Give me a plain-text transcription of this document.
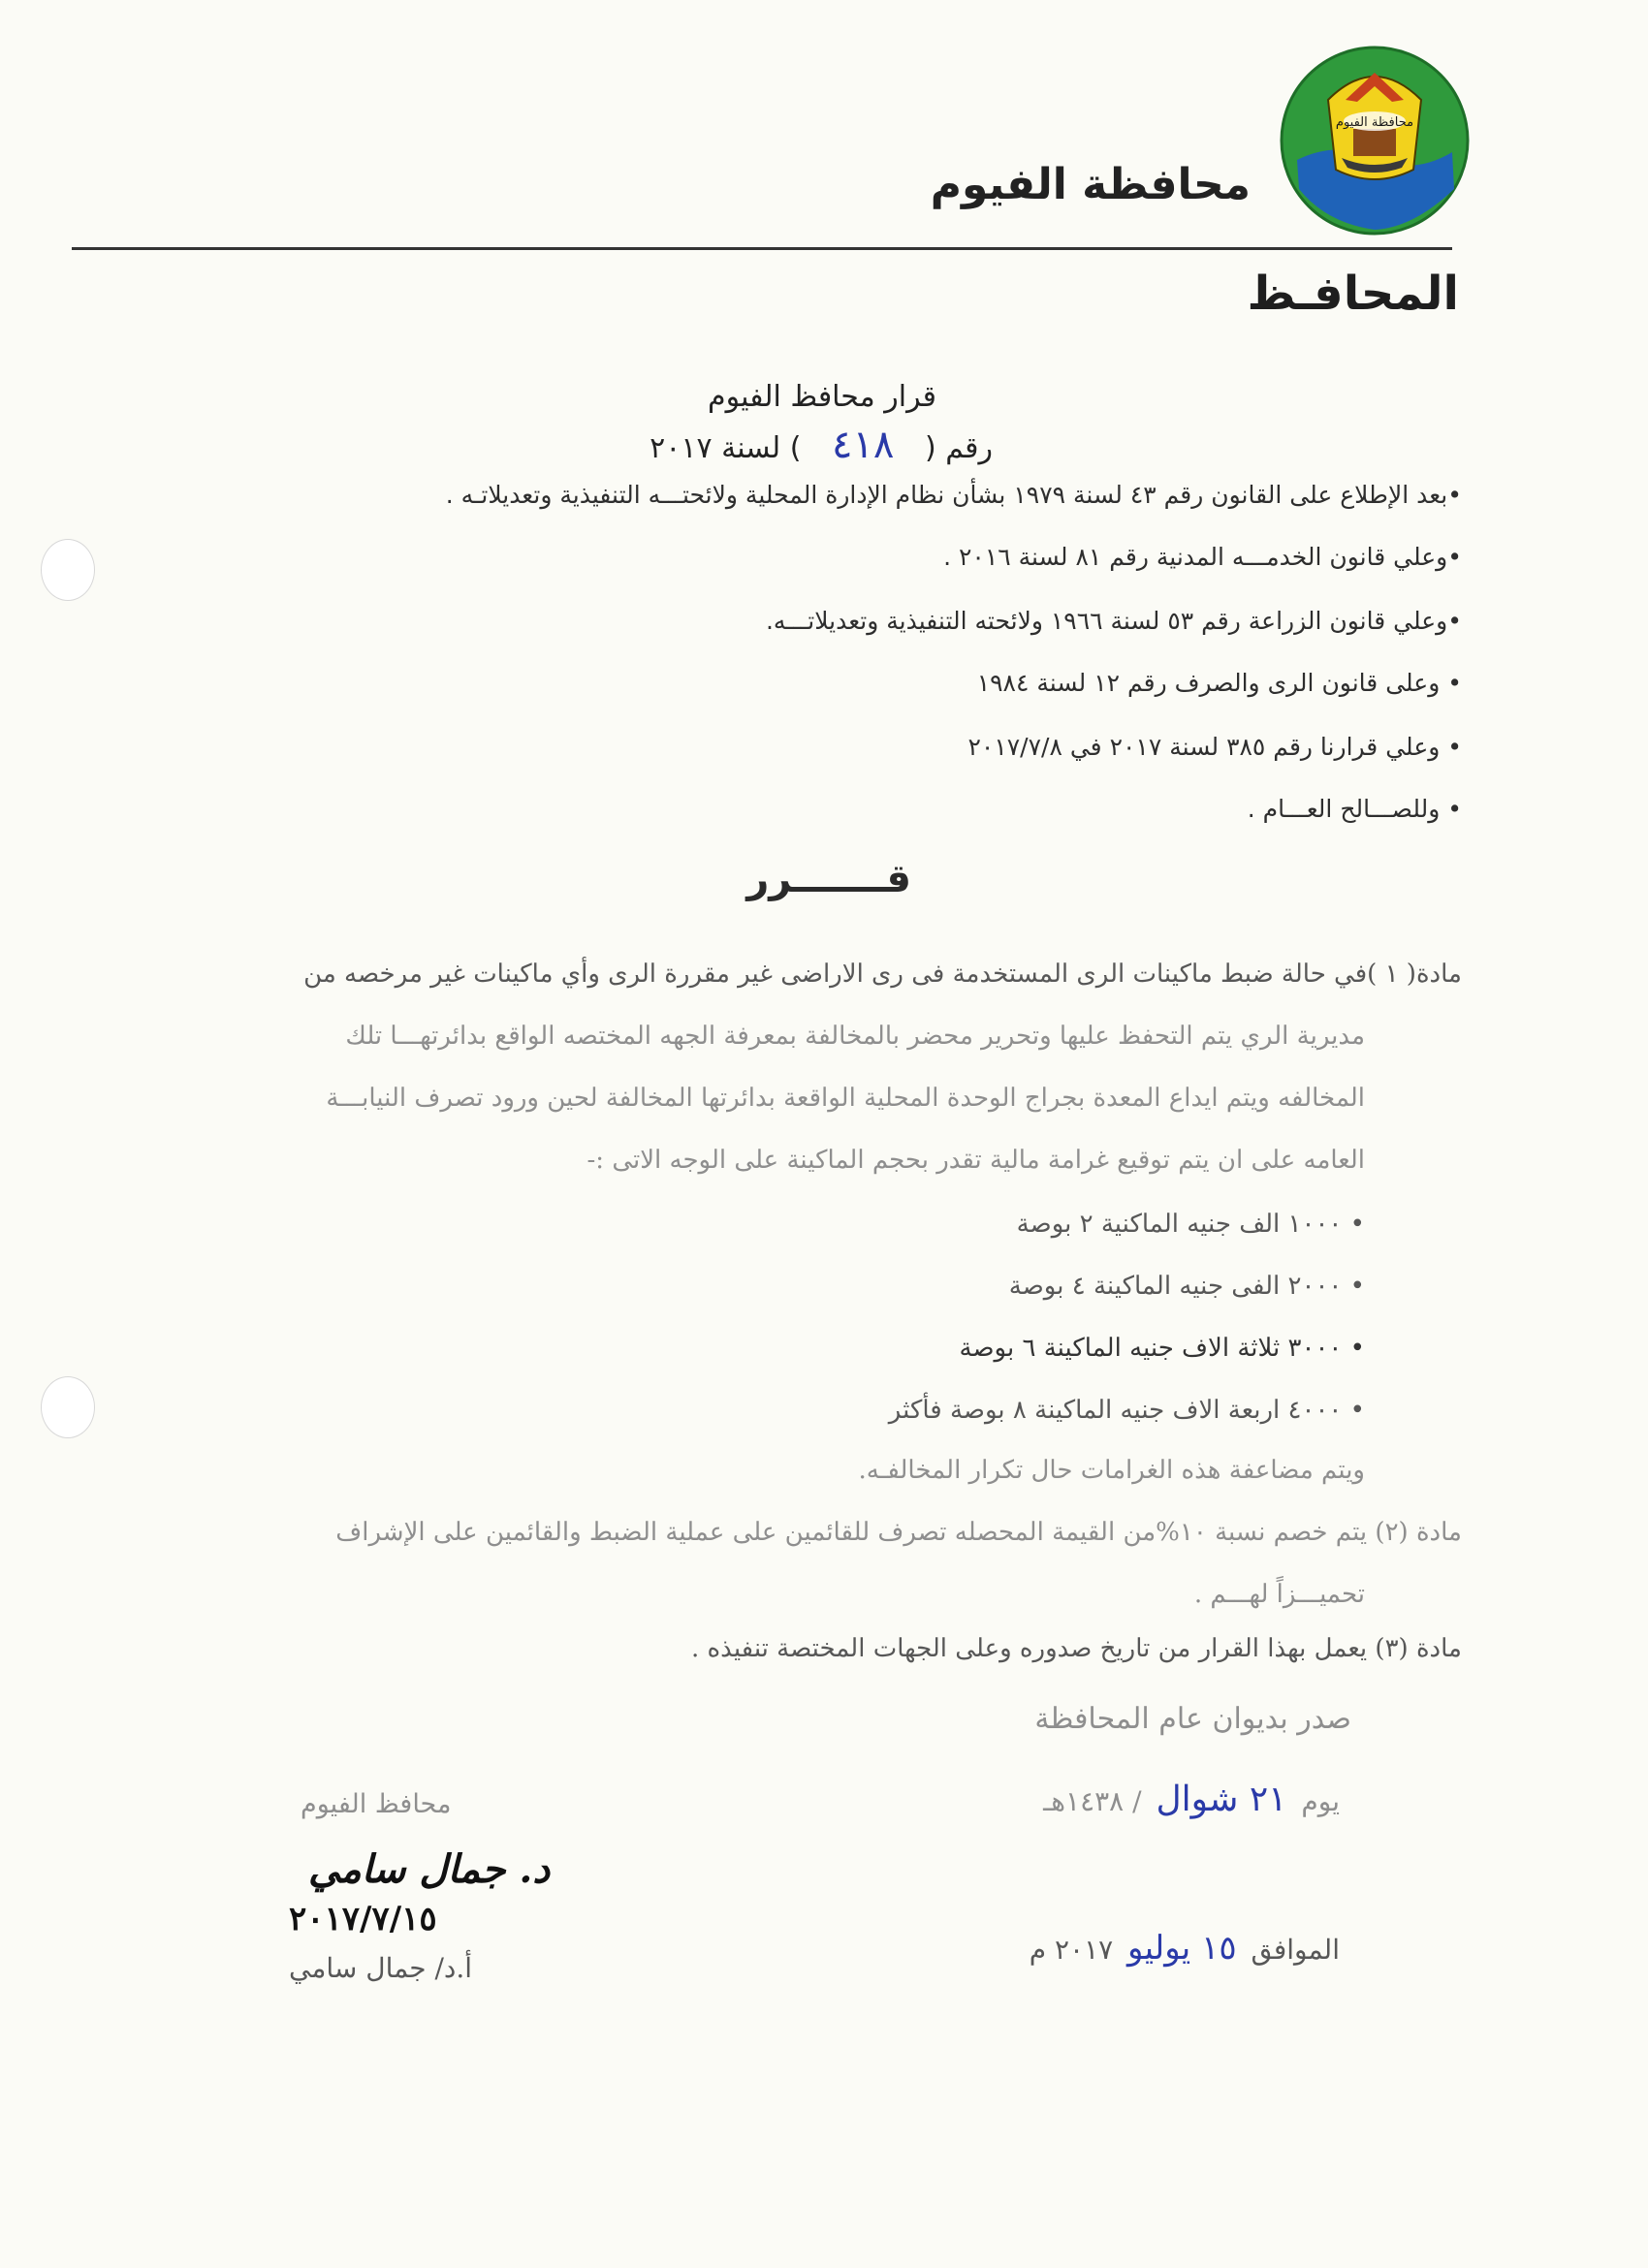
محافظة الفيوم
محافظة الفيوم
المحافـظ
قرار محافظ الفيوم
رقم ( ٤١٨ ) لسنة ٢٠١٧
•بعد الإطلاع على القانون رقم ٤٣ لسنة ١٩٧٩ بشأن نظام الإدارة المحلية ولائحتـــه التنفيذية وتعديلاتـه .
•وعلي قانون الخدمـــه المدنية رقم ٨١ لسنة ٢٠١٦ .
•وعلي قانون الزراعة رقم ٥٣ لسنة ١٩٦٦ ولائحته التنفيذية وتعديلاتـــه.
• وعلى قانون الرى والصرف رقم ١٢ لسنة ١٩٨٤
• وعلي قرارنا رقم ٣٨٥ لسنة ٢٠١٧ في ٢٠١٧/٧/٨
• وللصـــالح العـــام .
قـــــــرر
مادة( ١ )في حالة ضبط ماكينات الرى المستخدمة فى رى الاراضى غير مقررة الرى وأي ماكينات غير مرخصه من
مديرية الري يتم التحفظ عليها وتحرير محضر بالمخالفة بمعرفة الجهه المختصه الواقع بدائرتهـــا تلك
المخالفه ويتم ايداع المعدة بجراج الوحدة المحلية الواقعة بدائرتها المخالفة لحين ورود تصرف النيابـــة
العامه على ان يتم توقيع غرامة مالية تقدر بحجم الماكينة على الوجه الاتى :-
• ١٠٠٠ الف جنيه الماكنية ٢ بوصة
• ٢٠٠٠ الفى جنيه الماكينة ٤ بوصة
• ٣٠٠٠ ثلاثة الاف جنيه الماكينة ٦ بوصة
• ٤٠٠٠ اربعة الاف جنيه الماكينة ٨ بوصة فأكثر
ويتم مضاعفة هذه الغرامات حال تكرار المخالفـه.
مادة (٢) يتم خصم نسبة ١٠%من القيمة المحصله تصرف للقائمين على عملية الضبط والقائمين على الإشراف
تحميـــزاً لهـــم .
مادة (٣) يعمل بهذا القرار من تاريخ صدوره وعلى الجهات المختصة تنفيذه .
صدر بديوان عام المحافظة
يوم ٢١ شوال / ١٤٣٨هـ
الموافق ١٥ يوليو ٢٠١٧ م
محافظ الفيوم
د. جمال سامي
٢٠١٧/٧/١٥
أ.د/ جمال سامي
